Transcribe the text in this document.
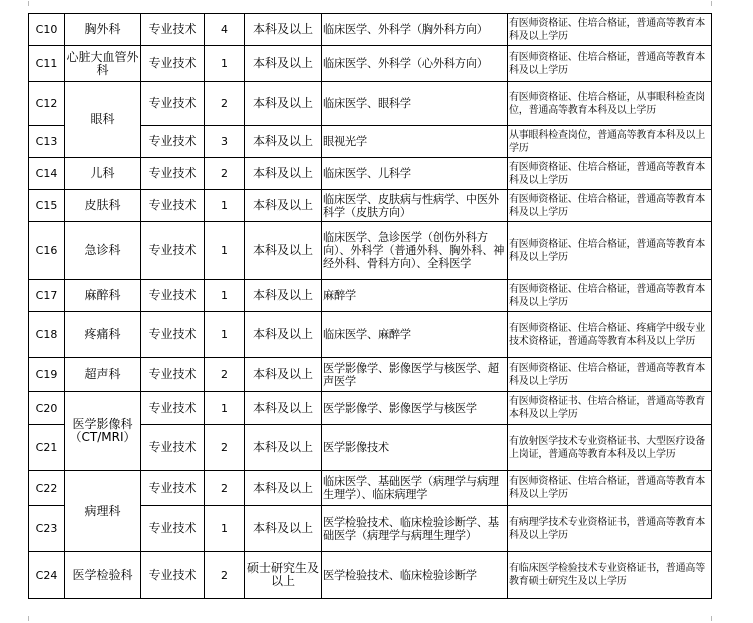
C10	胸外科	专业技术	4	本科及以上	临床医学、外科学（胸外科方向）	有医师资格证、住培合格证，普通高等教育本科及以上学历
C11	心脏大血管外科	专业技术	1	本科及以上	临床医学、外科学（心外科方向）	有医师资格证、住培合格证，普通高等教育本科及以上学历
C12	眼科	专业技术	2	本科及以上	临床医学、眼科学	有医师资格证、住培合格证，从事眼科检查岗位，普通高等教育本科及以上学历
C13		专业技术	3	本科及以上	眼视光学	从事眼科检查岗位，普通高等教育本科及以上学历
C14	儿科	专业技术	2	本科及以上	临床医学、儿科学	有医师资格证、住培合格证，普通高等教育本科及以上学历
C15	皮肤科	专业技术	1	本科及以上	临床医学、皮肤病与性病学、中医外科学（皮肤方向）	有医师资格证、住培合格证，普通高等教育本科及以上学历
C16	急诊科	专业技术	1	本科及以上	临床医学、急诊医学（创伤外科方向）、外科学（普通外科、胸外科、神经外科、骨科方向）、全科医学	有医师资格证、住培合格证，普通高等教育本科及以上学历
C17	麻醉科	专业技术	1	本科及以上	麻醉学	有医师资格证、住培合格证，普通高等教育本科及以上学历
C18	疼痛科	专业技术	1	本科及以上	临床医学、麻醉学	有医师资格证、住培合格证、疼痛学中级专业技术资格证，普通高等教育本科及以上学历
C19	超声科	专业技术	2	本科及以上	医学影像学、影像医学与核医学、超声医学	有医师资格证、住培合格证，普通高等教育本科及以上学历
C20	医学影像科（CT/MRI）	专业技术	1	本科及以上	医学影像学、影像医学与核医学	有医师资格证书、住培合格证，普通高等教育本科及以上学历
C21		专业技术	2	本科及以上	医学影像技术	有放射医学技术专业资格证书、大型医疗设备上岗证，普通高等教育本科及以上学历
C22	病理科	专业技术	2	本科及以上	临床医学、基础医学（病理学与病理生理学）、临床病理学	有医师资格证、住培合格证，普通高等教育本科及以上学历
C23		专业技术	1	本科及以上	医学检验技术、临床检验诊断学、基础医学（病理学与病理生理学）	有病理学技术专业资格证书，普通高等教育本科及以上学历
C24	医学检验科	专业技术	2	硕士研究生及以上	医学检验技术、临床检验诊断学	有临床医学检验技术专业资格证书，普通高等教育硕士研究生及以上学历
